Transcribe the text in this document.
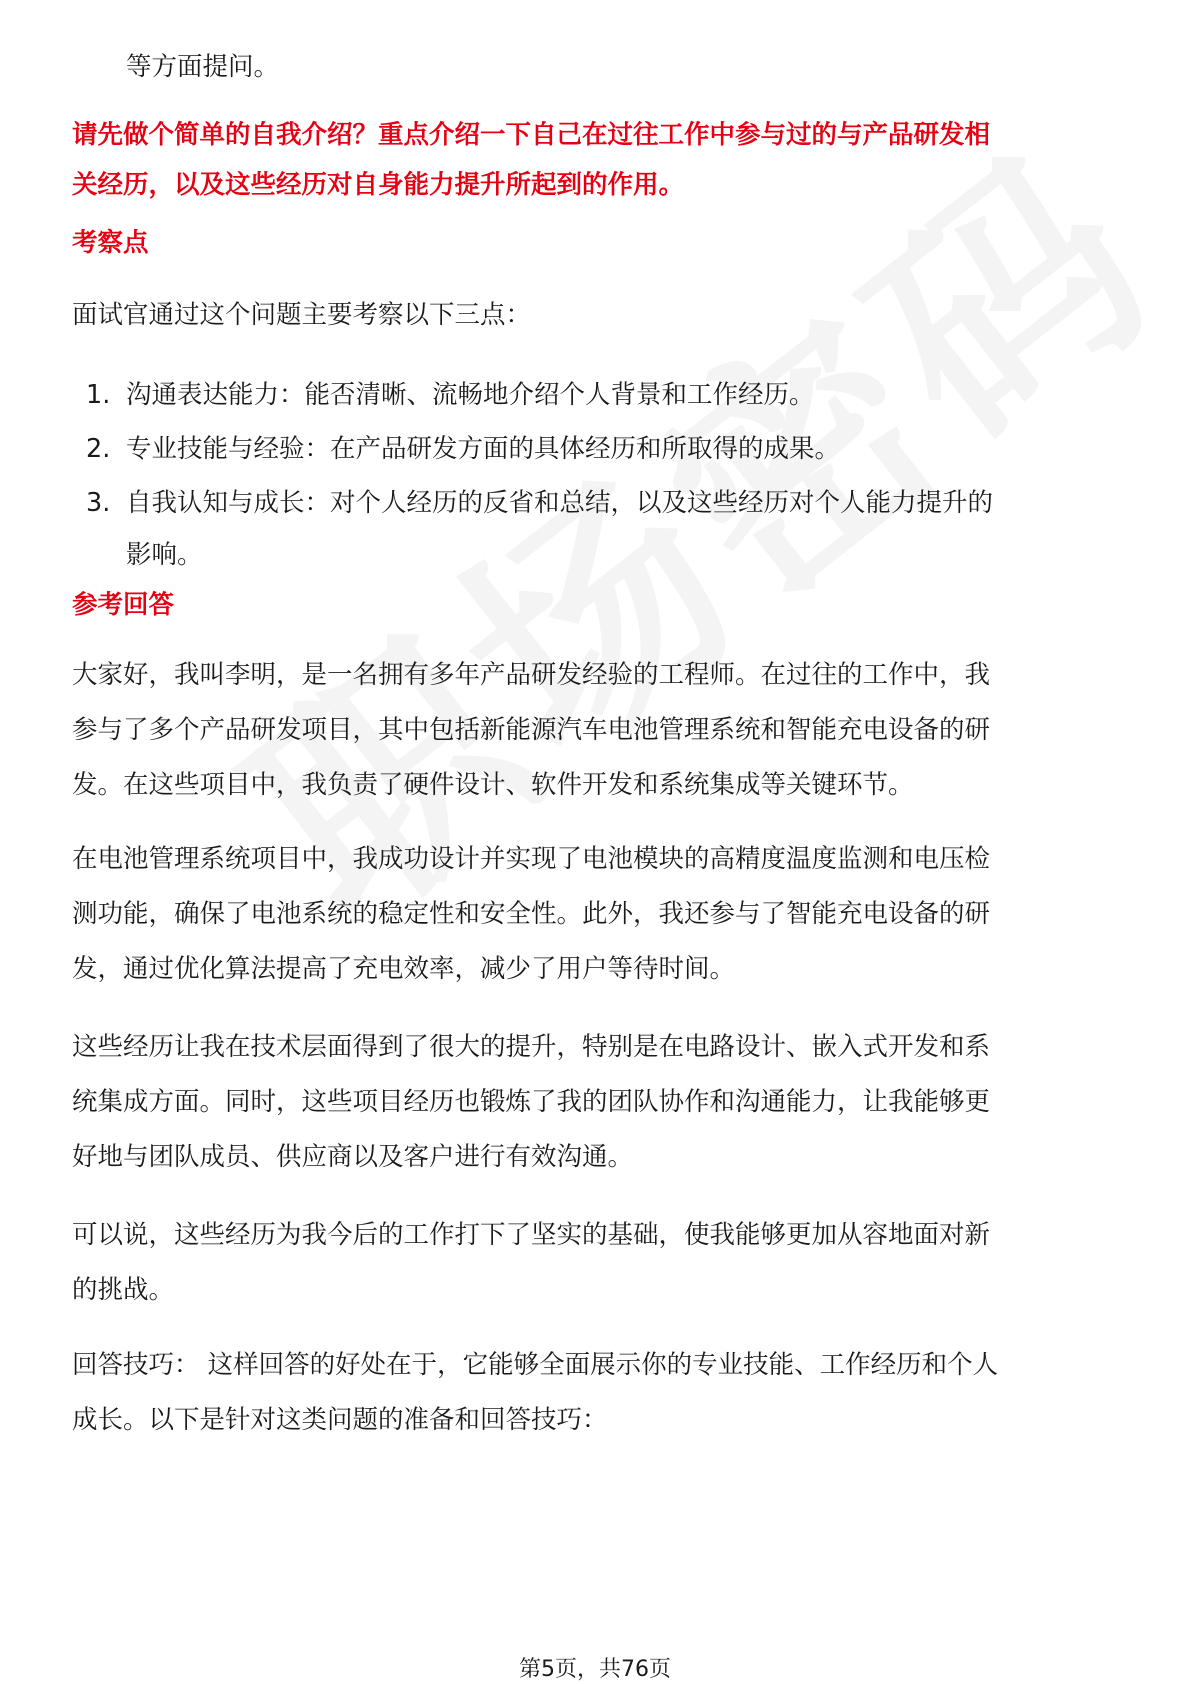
等方面提问。
请先做个简单的自我介绍？重点介绍一下自己在过往工作中参与过的与产品研发相
关经历，以及这些经历对自身能力提升所起到的作用。
考察点
面试官通过这个问题主要考察以下三点：
1. 沟通表达能力：能否清晰、流畅地介绍个人背景和工作经历。
2. 专业技能与经验：在产品研发方面的具体经历和所取得的成果。
3. 自我认知与成长：对个人经历的反省和总结，以及这些经历对个人能力提升的
影响。
参考回答
大家好，我叫李明，是一名拥有多年产品研发经验的工程师。在过往的工作中，我
参与了多个产品研发项目，其中包括新能源汽车电池管理系统和智能充电设备的研
发。在这些项目中，我负责了硬件设计、软件开发和系统集成等关键环节。
在电池管理系统项目中，我成功设计并实现了电池模块的高精度温度监测和电压检
测功能，确保了电池系统的稳定性和安全性。此外，我还参与了智能充电设备的研
发，通过优化算法提高了充电效率，减少了用户等待时间。
这些经历让我在技术层面得到了很大的提升，特别是在电路设计、嵌入式开发和系
统集成方面。同时，这些项目经历也锻炼了我的团队协作和沟通能力，让我能够更
好地与团队成员、供应商以及客户进行有效沟通。
可以说，这些经历为我今后的工作打下了坚实的基础，使我能够更加从容地面对新
的挑战。
回答技巧： 这样回答的好处在于，它能够全面展示你的专业技能、工作经历和个人
成长。以下是针对这类问题的准备和回答技巧：
第5页，共76页
